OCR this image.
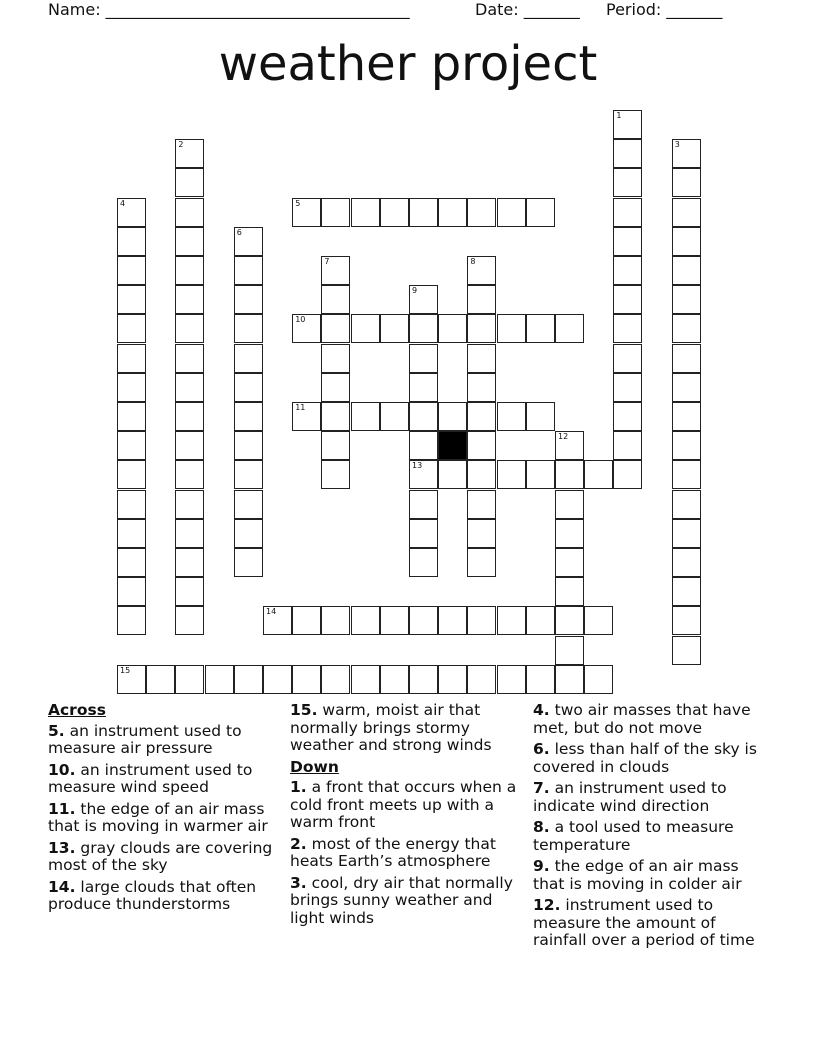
Name: ______________________________________	Date: _______ Period: _______
weather project
1
2	3
4
6
7	8
9
13
12
5
10
11
14
15
Across
5. an instrument used to measure air pressure
10. an instrument used to measure wind speed
11. the edge of an air mass that is moving in warmer air
13. gray clouds are covering most of the sky
14. large clouds that often produce thunderstorms
15. warm, moist air that normally brings stormy weather and strong winds
Down
1. a front that occurs when a cold front meets up with a warm front
2. most of the energy that heats Earth’s atmosphere
3. cool, dry air that normally brings sunny weather and light winds
4. two air masses that have met, but do not move
6. less than half of the sky is covered in clouds
7. an instrument used to indicate wind direction
8. a tool used to measure temperature
9. the edge of an air mass that is moving in colder air
12. instrument used to measure the amount of rainfall over a period of time
